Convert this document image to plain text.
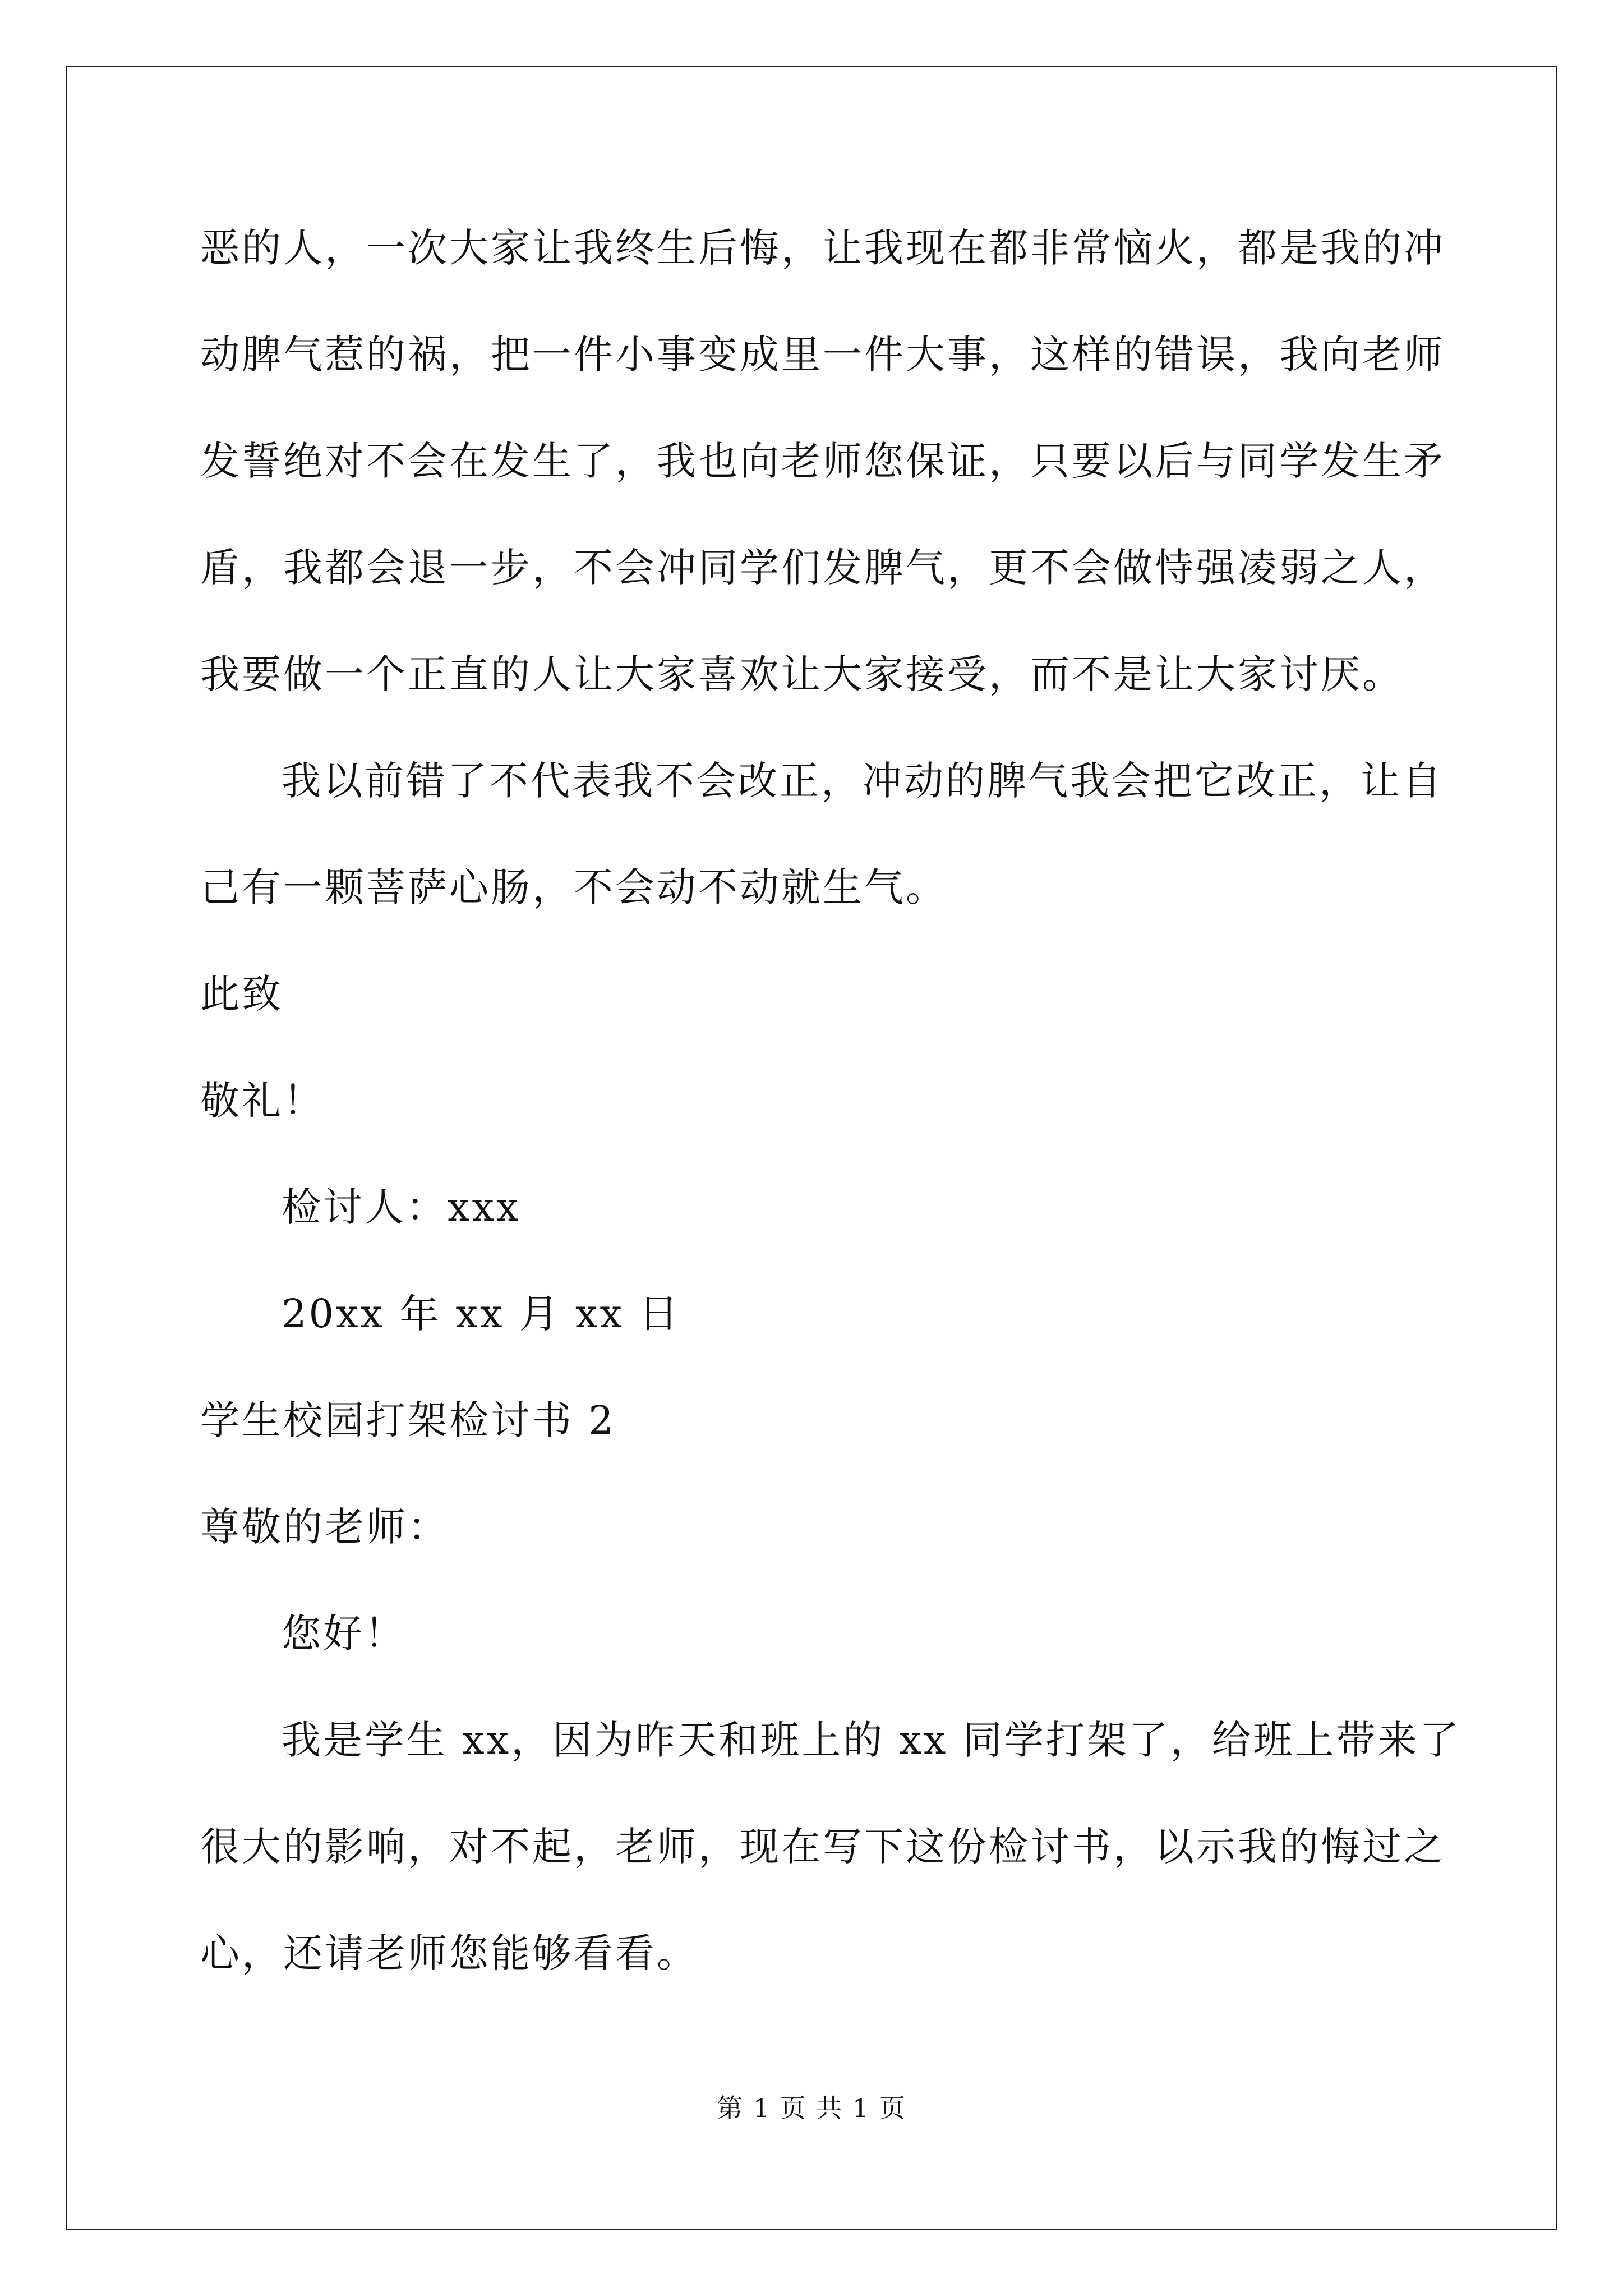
恶的人，一次大家让我终生后悔，让我现在都非常恼火，都是我的冲
动脾气惹的祸，把一件小事变成里一件大事，这样的错误，我向老师
发誓绝对不会在发生了，我也向老师您保证，只要以后与同学发生矛
盾，我都会退一步，不会冲同学们发脾气，更不会做恃强凌弱之人，
我要做一个正直的人让大家喜欢让大家接受，而不是让大家讨厌。
我以前错了不代表我不会改正，冲动的脾气我会把它改正，让自
己有一颗菩萨心肠，不会动不动就生气。
此致
敬礼！
检讨人：xxx
20xx 年 xx 月 xx 日
学生校园打架检讨书 2
尊敬的老师：
您好！
我是学生 xx，因为昨天和班上的 xx 同学打架了，给班上带来了
很大的影响，对不起，老师，现在写下这份检讨书，以示我的悔过之
心，还请老师您能够看看。
第 1 页 共 1 页
